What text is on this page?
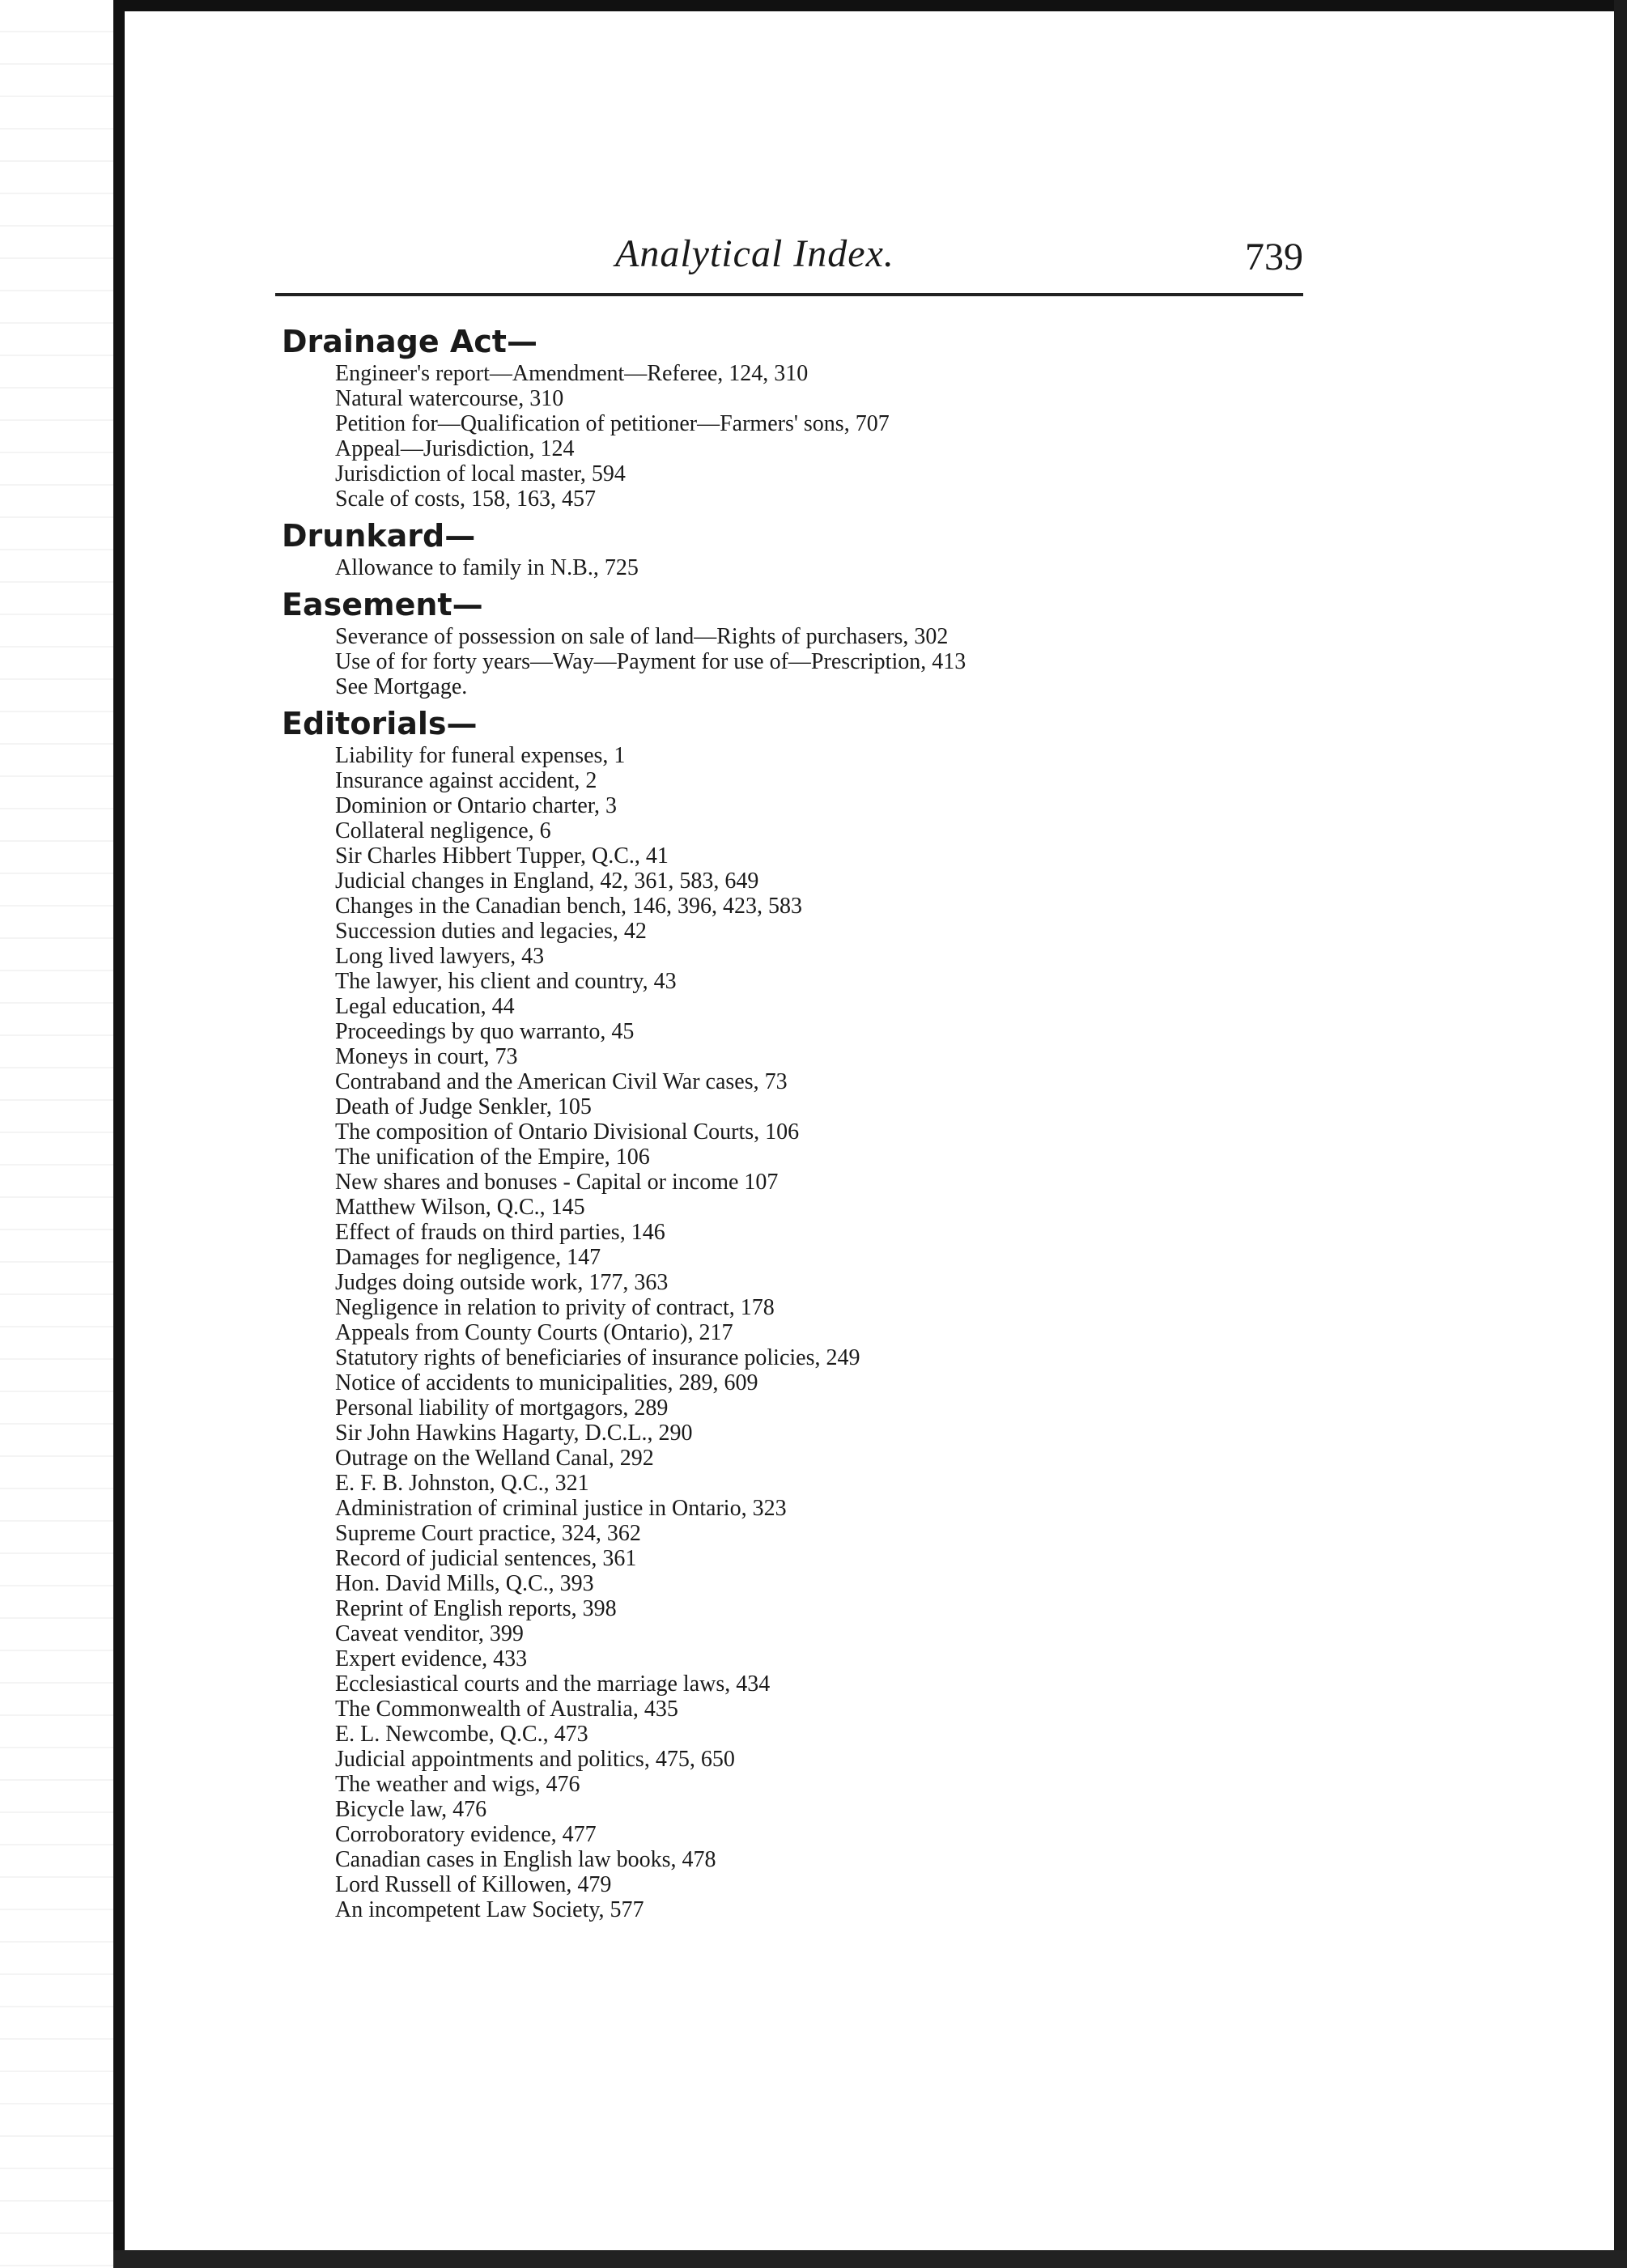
Analytical Index.	739
Drainage Act—
Engineer's report—Amendment—Referee, 124, 310
Natural watercourse, 310
Petition for—Qualification of petitioner—Farmers' sons, 707
Appeal—Jurisdiction, 124
Jurisdiction of local master, 594
Scale of costs, 158, 163, 457
Drunkard—
Allowance to family in N.B., 725
Easement—
Severance of possession on sale of land—Rights of purchasers, 302
Use of for forty years—Way—Payment for use of—Prescription, 413
See Mortgage.
Editorials—
Liability for funeral expenses, 1
Insurance against accident, 2
Dominion or Ontario charter, 3
Collateral negligence, 6
Sir Charles Hibbert Tupper, Q.C., 41
Judicial changes in England, 42, 361, 583, 649
Changes in the Canadian bench, 146, 396, 423, 583
Succession duties and legacies, 42
Long lived lawyers, 43
The lawyer, his client and country, 43
Legal education, 44
Proceedings by quo warranto, 45
Moneys in court, 73
Contraband and the American Civil War cases, 73
Death of Judge Senkler, 105
The composition of Ontario Divisional Courts, 106
The unification of the Empire, 106
New shares and bonuses - Capital or income 107
Matthew Wilson, Q.C., 145
Effect of frauds on third parties, 146
Damages for negligence, 147
Judges doing outside work, 177, 363
Negligence in relation to privity of contract, 178
Appeals from County Courts (Ontario), 217
Statutory rights of beneficiaries of insurance policies, 249
Notice of accidents to municipalities, 289, 609
Personal liability of mortgagors, 289
Sir John Hawkins Hagarty, D.C.L., 290
Outrage on the Welland Canal, 292
E. F. B. Johnston, Q.C., 321
Administration of criminal justice in Ontario, 323
Supreme Court practice, 324, 362
Record of judicial sentences, 361
Hon. David Mills, Q.C., 393
Reprint of English reports, 398
Caveat venditor, 399
Expert evidence, 433
Ecclesiastical courts and the marriage laws, 434
The Commonwealth of Australia, 435
E. L. Newcombe, Q.C., 473
Judicial appointments and politics, 475, 650
The weather and wigs, 476
Bicycle law, 476
Corroboratory evidence, 477
Canadian cases in English law books, 478
Lord Russell of Killowen, 479
An incompetent Law Society, 577
